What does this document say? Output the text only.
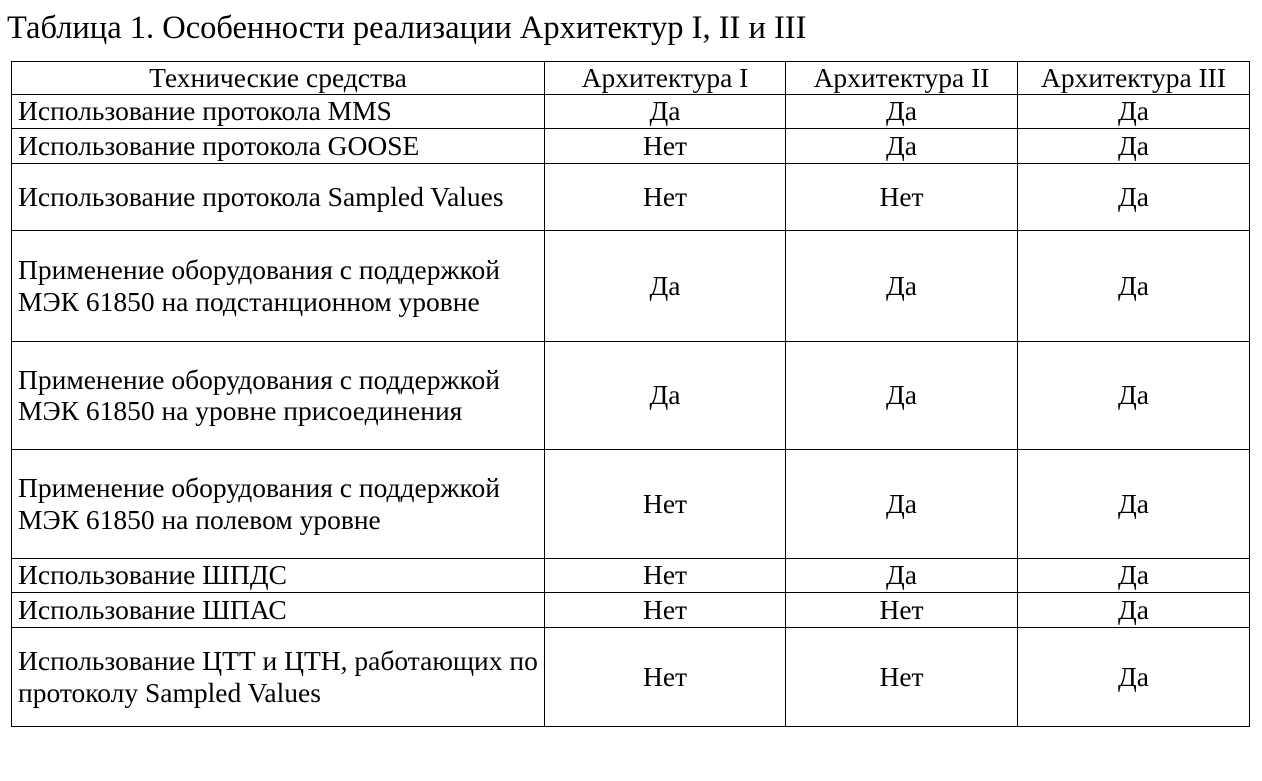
Таблица 1. Особенности реализации Архитектур I, II и III
Технические средства	Архитектура I	Архитектура II	Архитектура III
Использование протокола MMS	Да	Да	Да
Использование протокола GOOSE	Нет	Да	Да
Использование протокола Sampled Values	Нет	Нет	Да
Применение оборудования с поддержкой МЭК 61850 на подстанционном уровне	Да	Да	Да
Применение оборудования с поддержкой МЭК 61850 на уровне присоединения	Да	Да	Да
Применение оборудования с поддержкой МЭК 61850 на полевом уровне	Нет	Да	Да
Использование ШПДС	Нет	Да	Да
Использование ШПАС	Нет	Нет	Да
Использование ЦТТ и ЦТН, работающих по протоколу Sampled Values	Нет	Нет	Да
